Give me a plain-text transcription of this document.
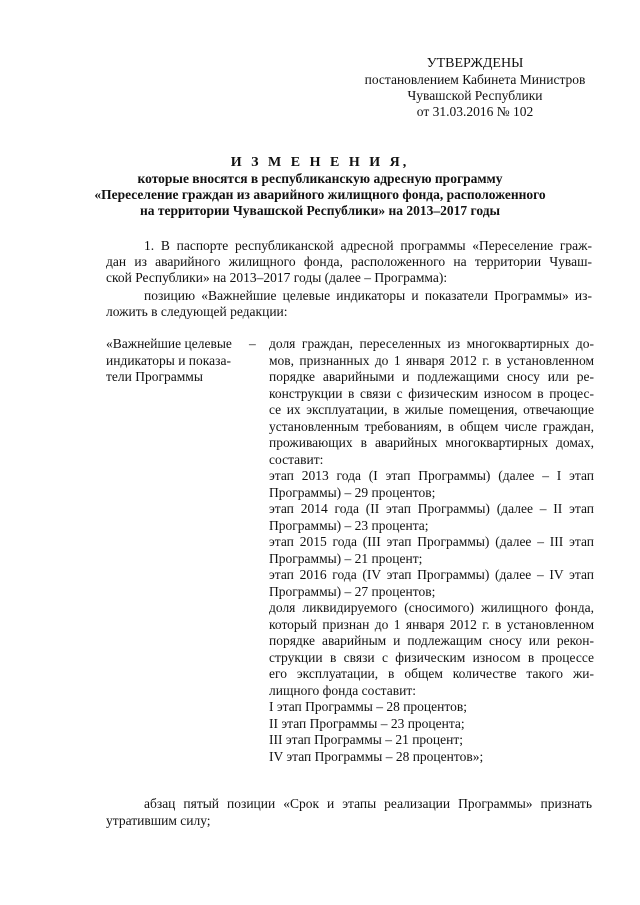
УТВЕРЖДЕНЫ
постановлением Кабинета Министров
Чувашской Республики
от 31.03.2016 № 102
И З М Е Н Е Н И Я,
которые вносятся в республиканскую адресную программу
«Переселение граждан из аварийного жилищного фонда, расположенного
на территории Чувашской Республики» на 2013–2017 годы
1. В паспорте республиканской адресной программы «Переселение граж-
дан из аварийного жилищного фонда, расположенного на территории Чуваш-
ской Республики» на 2013–2017 годы (далее – Программа):
позицию «Важнейшие целевые индикаторы и показатели Программы» из-
ложить в следующей редакции:
«Важнейшие целевые
индикаторы и показа-
тели Программы
– доля граждан, переселенных из многоквартирных до-
мов, признанных до 1 января 2012 г. в установленном
порядке аварийными и подлежащими сносу или ре-
конструкции в связи с физическим износом в процес-
се их эксплуатации, в жилые помещения, отвечающие
установленным требованиям, в общем числе граждан,
проживающих в аварийных многоквартирных домах,
составит:
этап 2013 года (I этап Программы) (далее – I этап
Программы) – 29 процентов;
этап 2014 года (II этап Программы) (далее – II этап
Программы) – 23 процента;
этап 2015 года (III этап Программы) (далее – III этап
Программы) – 21 процент;
этап 2016 года (IV этап Программы) (далее – IV этап
Программы) – 27 процентов;
доля ликвидируемого (сносимого) жилищного фонда,
который признан до 1 января 2012 г. в установленном
порядке аварийным и подлежащим сносу или рекон-
струкции в связи с физическим износом в процессе
его эксплуатации, в общем количестве такого жи-
лищного фонда составит:
I этап Программы – 28 процентов;
II этап Программы – 23 процента;
III этап Программы – 21 процент;
IV этап Программы – 28 процентов»;
абзац пятый позиции «Срок и этапы реализации Программы» признать
утратившим силу;
